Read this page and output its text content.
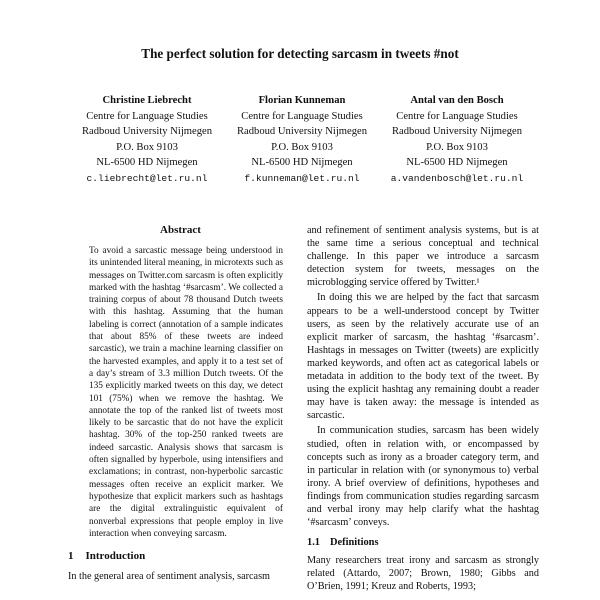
The perfect solution for detecting sarcasm in tweets #not
Christine Liebrecht
Centre for Language Studies
Radboud University Nijmegen
P.O. Box 9103
NL-6500 HD Nijmegen
c.liebrecht@let.ru.nl
Florian Kunneman
Centre for Language Studies
Radboud University Nijmegen
P.O. Box 9103
NL-6500 HD Nijmegen
f.kunneman@let.ru.nl
Antal van den Bosch
Centre for Language Studies
Radboud University Nijmegen
P.O. Box 9103
NL-6500 HD Nijmegen
a.vandenbosch@let.ru.nl
Abstract
To avoid a sarcastic message being understood in its unintended literal meaning, in microtexts such as messages on Twitter.com sarcasm is often explicitly marked with the hashtag ‘#sarcasm’. We collected a training corpus of about 78 thousand Dutch tweets with this hashtag. Assuming that the human labeling is correct (annotation of a sample indicates that about 85% of these tweets are indeed sarcastic), we train a machine learning classifier on the harvested examples, and apply it to a test set of a day’s stream of 3.3 million Dutch tweets. Of the 135 explicitly marked tweets on this day, we detect 101 (75%) when we remove the hashtag. We annotate the top of the ranked list of tweets most likely to be sarcastic that do not have the explicit hashtag. 30% of the top-250 ranked tweets are indeed sarcastic. Analysis shows that sarcasm is often signalled by hyperbole, using intensifiers and exclamations; in contrast, non-hyperbolic sarcastic messages often receive an explicit marker. We hypothesize that explicit markers such as hashtags are the digital extralinguistic equivalent of nonverbal expressions that people employ in live interaction when conveying sarcasm.
1 Introduction
In the general area of sentiment analysis, sarcasm

and refinement of sentiment analysis systems, but is at the same time a serious conceptual and technical challenge. In this paper we introduce a sarcasm detection system for tweets, messages on the microblogging service offered by Twitter.¹

In doing this we are helped by the fact that sarcasm appears to be a well-understood concept by Twitter users, as seen by the relatively accurate use of an explicit marker of sarcasm, the hashtag ‘#sarcasm’. Hashtags in messages on Twitter (tweets) are explicitly marked keywords, and often act as categorical labels or metadata in addition to the body text of the tweet. By using the explicit hashtag any remaining doubt a reader may have is taken away: the message is intended as sarcastic.

In communication studies, sarcasm has been widely studied, often in relation with, or encompassed by concepts such as irony as a broader category term, and in particular in relation with (or synonymous to) verbal irony. A brief overview of definitions, hypotheses and findings from communication studies regarding sarcasm and verbal irony may help clarify what the hashtag ‘#sarcasm’ conveys.

1.1 Definitions
Many researchers treat irony and sarcasm as strongly related (Attardo, 2007; Brown, 1980; Gibbs and O’Brien, 1991; Kreuz and Roberts, 1993;
